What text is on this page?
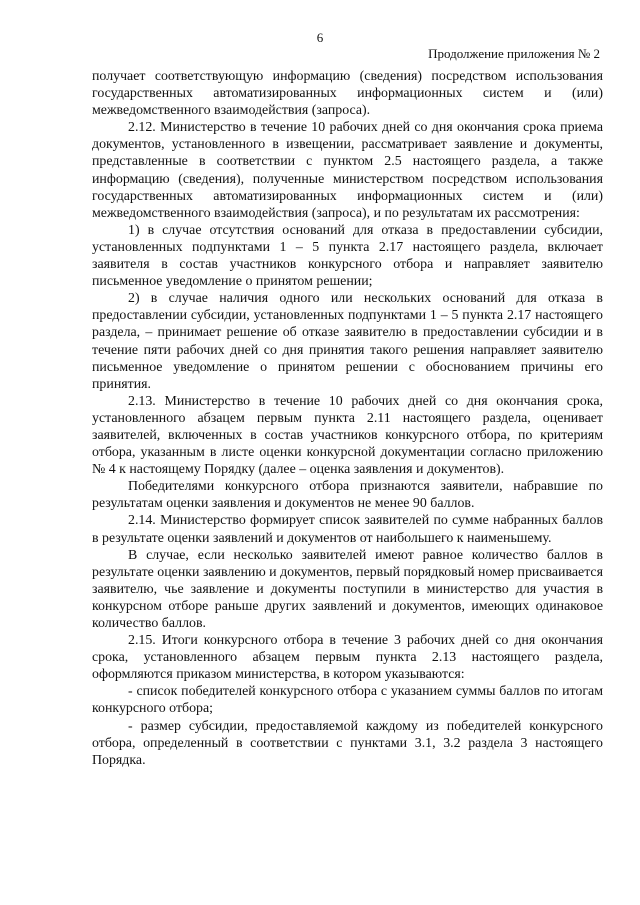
6
Продолжение приложения № 2

получает соответствующую информацию (сведения) посредством использования государственных автоматизированных информационных систем и (или) межведомственного взаимодействия (запроса).

2.12. Министерство в течение 10 рабочих дней со дня окончания срока приема документов, установленного в извещении, рассматривает заявление и документы, представленные в соответствии с пунктом 2.5 настоящего раздела, а также информацию (сведения), полученные министерством посредством использования государственных автоматизированных информационных систем и (или) межведомственного взаимодействия (запроса), и по результатам их рассмотрения:

1) в случае отсутствия оснований для отказа в предоставлении субсидии, установленных подпунктами 1 – 5 пункта 2.17 настоящего раздела, включает заявителя в состав участников конкурсного отбора и направляет заявителю письменное уведомление о принятом решении;

2) в случае наличия одного или нескольких оснований для отказа в предоставлении субсидии, установленных подпунктами 1 – 5 пункта 2.17 настоящего раздела, – принимает решение об отказе заявителю в предоставлении субсидии и в течение пяти рабочих дней со дня принятия такого решения направляет заявителю письменное уведомление о принятом решении с обоснованием причины его принятия.

2.13. Министерство в течение 10 рабочих дней со дня окончания срока, установленного абзацем первым пункта 2.11 настоящего раздела, оценивает заявителей, включенных в состав участников конкурсного отбора, по критериям отбора, указанным в листе оценки конкурсной документации согласно приложению № 4 к настоящему Порядку (далее – оценка заявления и документов).

Победителями конкурсного отбора признаются заявители, набравшие по результатам оценки заявления и документов не менее 90 баллов.

2.14. Министерство формирует список заявителей по сумме набранных баллов в результате оценки заявлений и документов от наибольшего к наименьшему.

В случае, если несколько заявителей имеют равное количество баллов в результате оценки заявлению и документов, первый порядковый номер присваивается заявителю, чье заявление и документы поступили в министерство для участия в конкурсном отборе раньше других заявлений и документов, имеющих одинаковое количество баллов.

2.15. Итоги конкурсного отбора в течение 3 рабочих дней со дня окончания срока, установленного абзацем первым пункта 2.13 настоящего раздела, оформляются приказом министерства, в котором указываются:

- список победителей конкурсного отбора с указанием суммы баллов по итогам конкурсного отбора;

- размер субсидии, предоставляемой каждому из победителей конкурсного отбора, определенный в соответствии с пунктами 3.1, 3.2 раздела 3 настоящего Порядка.
